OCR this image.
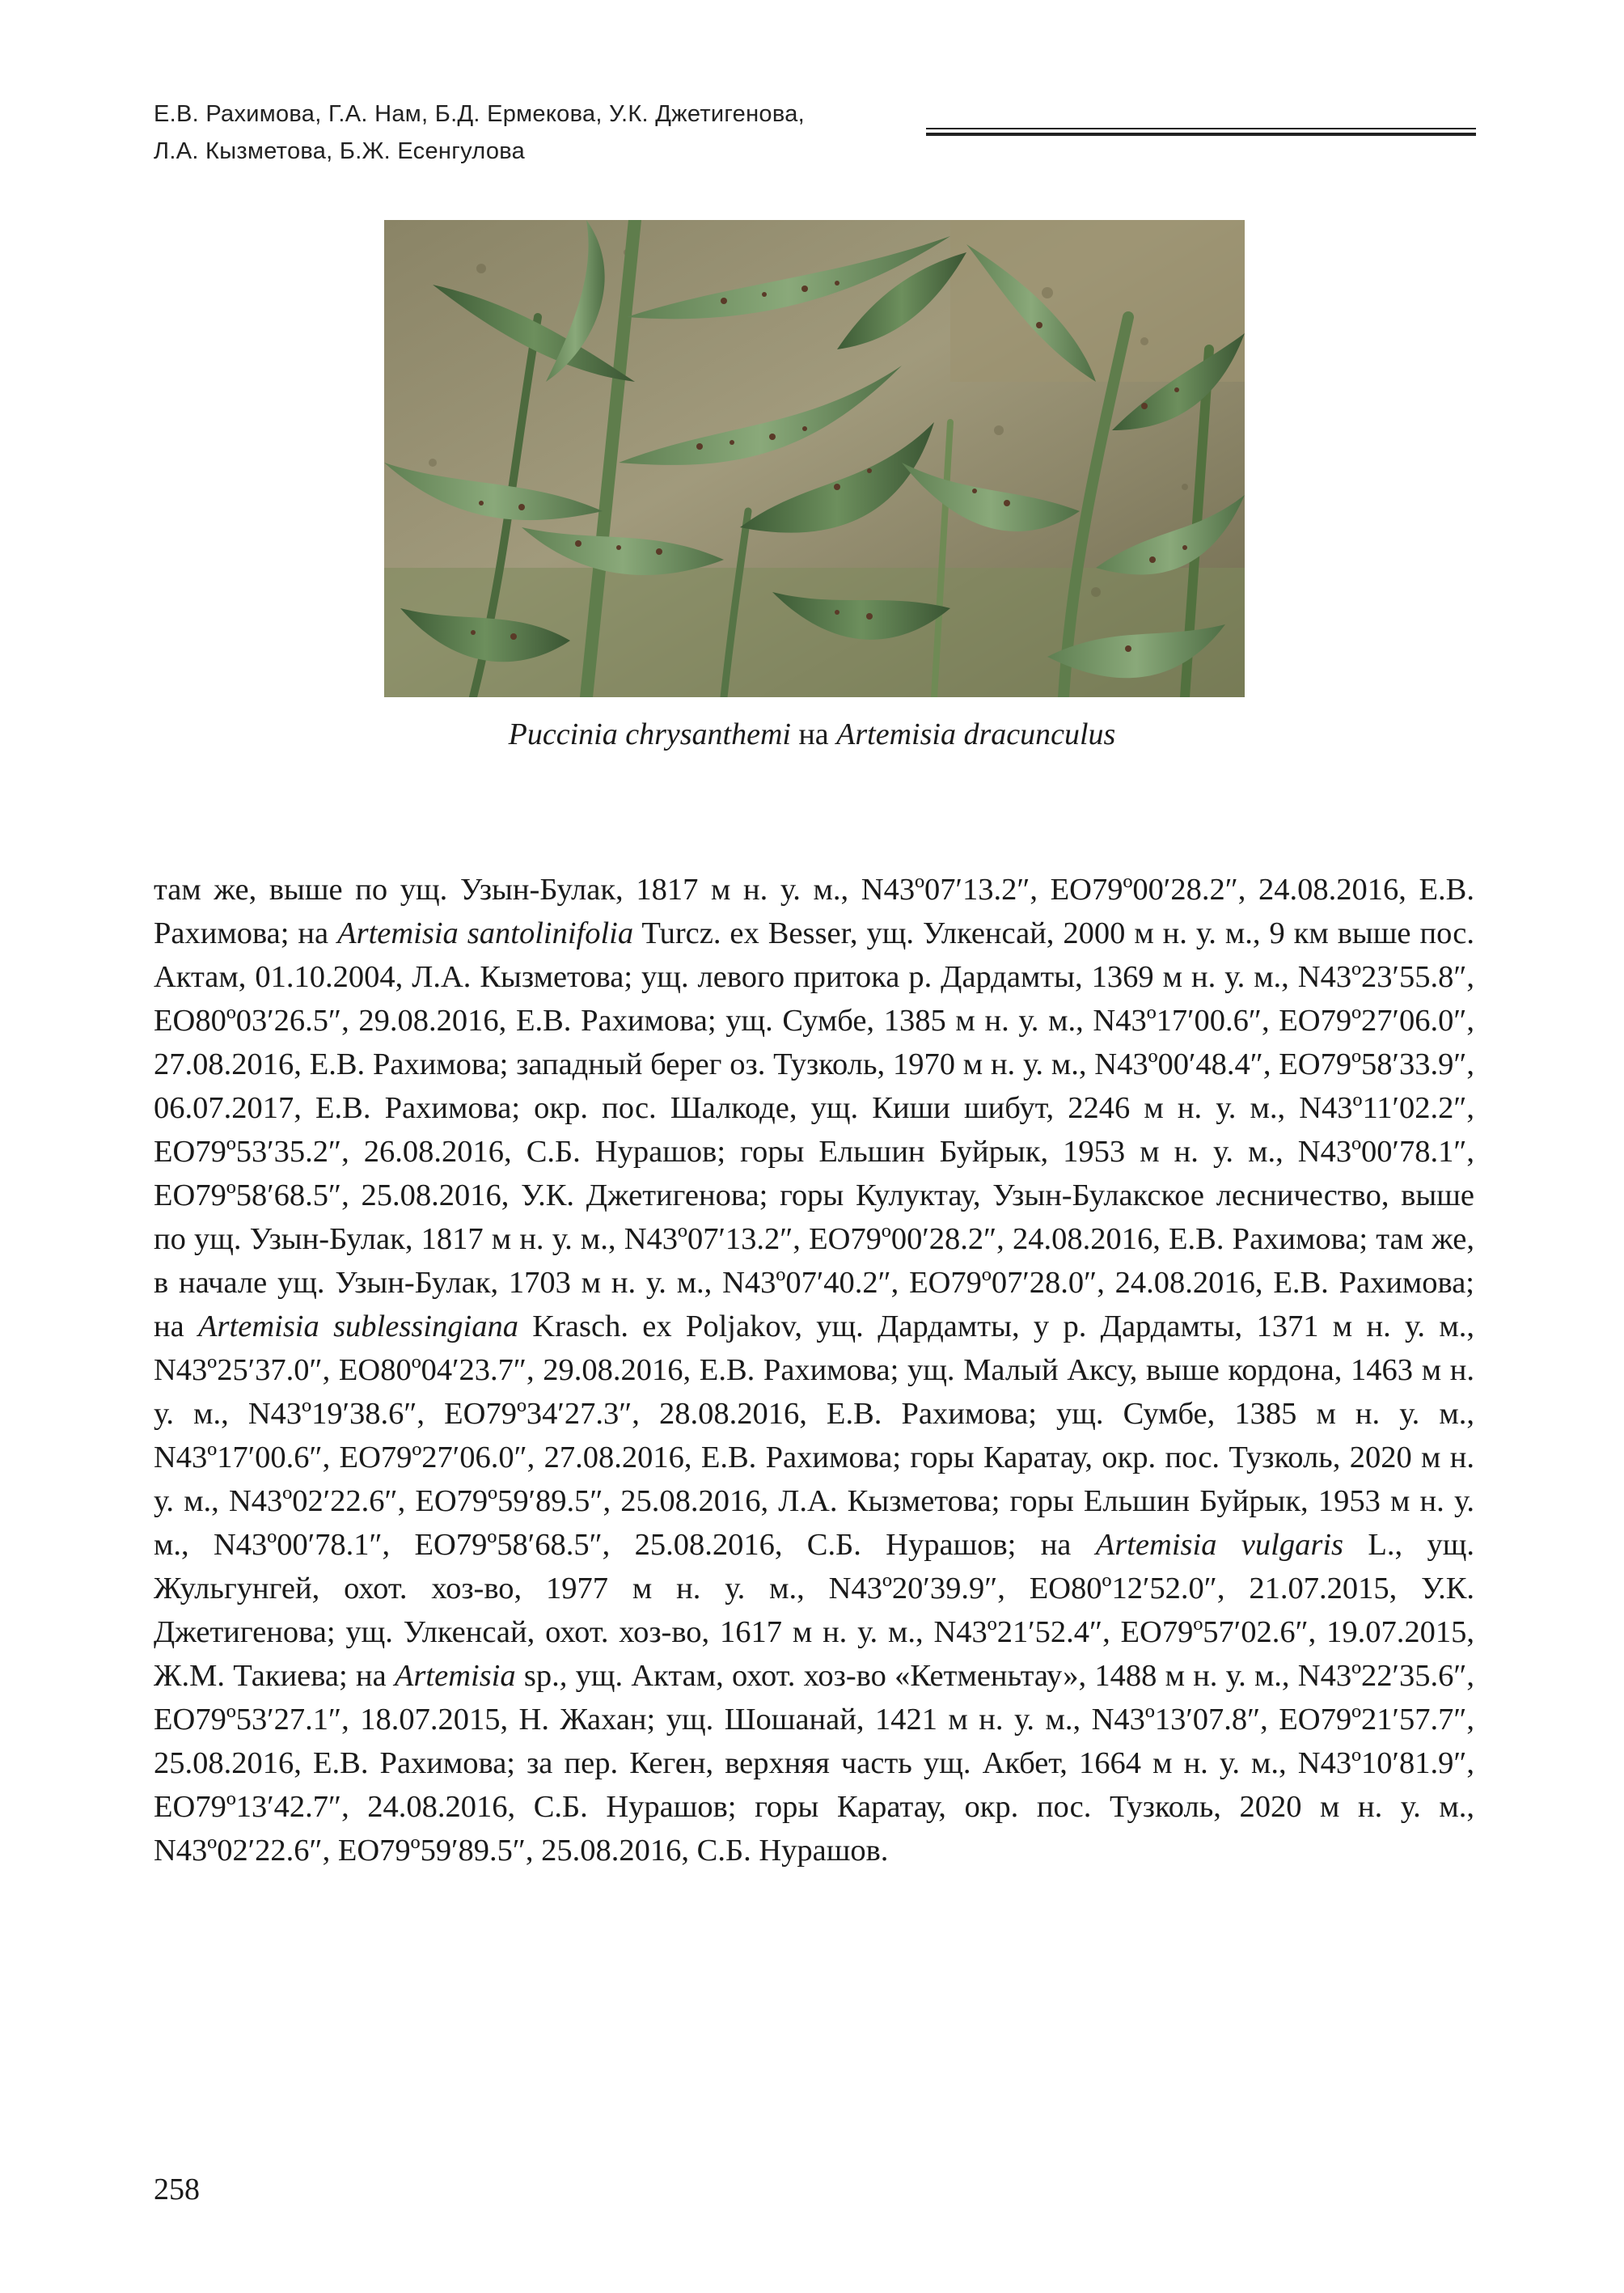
Е.В. Рахимова, Г.А. Нам, Б.Д. Ермекова, У.К. Джетигенова,
Л.А. Кызметова, Б.Ж. Есенгулова
Puccinia chrysanthemi на Artemisia dracunculus
там же, выше по ущ. Узын-Булак, 1817 м н. у. м., N43º07′13.2″, ЕО79º00′28.2″, 24.08.2016, Е.В. Рахимова; на Artemisia santolinifolia Turcz. ex Besser, ущ. Улкенсай, 2000 м н. у. м., 9 км выше пос. Актам, 01.10.2004, Л.А. Кызметова; ущ. левого притока р. Дардамты, 1369 м н. у. м., N43º23′55.8″, ЕО80º03′26.5″, 29.08.2016, Е.В. Рахимова; ущ. Сумбе, 1385 м н. у. м., N43º17′00.6″, ЕО79º27′06.0″, 27.08.2016, Е.В. Рахимова; западный берег оз. Тузколь, 1970 м н. у. м., N43º00′48.4″, ЕО79º58′33.9″, 06.07.2017, Е.В. Рахимова; окр. пос. Шалкоде, ущ. Киши шибут, 2246 м н. у. м., N43º11′02.2″, ЕО79º53′35.2″, 26.08.2016, С.Б. Нурашов; горы Ельшин Буйрык, 1953 м н. у. м., N43º00′78.1″, ЕО79º58′68.5″, 25.08.2016, У.К. Джетигенова; горы Кулуктау, Узын-Булакское лесничество, выше по ущ. Узын-Булак, 1817 м н. у. м., N43º07′13.2″, ЕО79º00′28.2″, 24.08.2016, Е.В. Рахимова; там же, в начале ущ. Узын-Булак, 1703 м н. у. м., N43º07′40.2″, ЕО79º07′28.0″, 24.08.2016, Е.В. Рахимова; на Artemisia sublessingiana Krasch. ex Poljakov, ущ. Дардамты, у р. Дардамты, 1371 м н. у. м., N43º25′37.0″, ЕО80º04′23.7″, 29.08.2016, Е.В. Рахимова; ущ. Малый Аксу, выше кордона, 1463 м н. у. м., N43º19′38.6″, ЕО79º34′27.3″, 28.08.2016, Е.В. Рахимова; ущ. Сумбе, 1385 м н. у. м., N43º17′00.6″, ЕО79º27′06.0″, 27.08.2016, Е.В. Рахимова; горы Каратау, окр. пос. Тузколь, 2020 м н. у. м., N43º02′22.6″, ЕО79º59′89.5″, 25.08.2016, Л.А. Кызметова; горы Ельшин Буйрык, 1953 м н. у. м., N43º00′78.1″, ЕО79º58′68.5″, 25.08.2016, С.Б. Нурашов; на Artemisia vulgaris L., ущ. Жульгунгей, охот. хоз-во, 1977 м н. у. м., N43º20′39.9″, ЕО80º12′52.0″, 21.07.2015, У.К. Джетигенова; ущ. Улкенсай, охот. хоз-во, 1617 м н. у. м., N43º21′52.4″, ЕО79º57′02.6″, 19.07.2015, Ж.М. Такиева; на Artemisia sp., ущ. Актам, охот. хоз-во «Кетменьтау», 1488 м н. у. м., N43º22′35.6″, ЕО79º53′27.1″, 18.07.2015, Н. Жахан; ущ. Шошанай, 1421 м н. у. м., N43º13′07.8″, ЕО79º21′57.7″, 25.08.2016, Е.В. Рахимова; за пер. Кеген, верхняя часть ущ. Акбет, 1664 м н. у. м., N43º10′81.9″, ЕО79º13′42.7″, 24.08.2016, С.Б. Нурашов; горы Каратау, окр. пос. Тузколь, 2020 м н. у. м., N43º02′22.6″, ЕО79º59′89.5″, 25.08.2016, С.Б. Нурашов.
258
